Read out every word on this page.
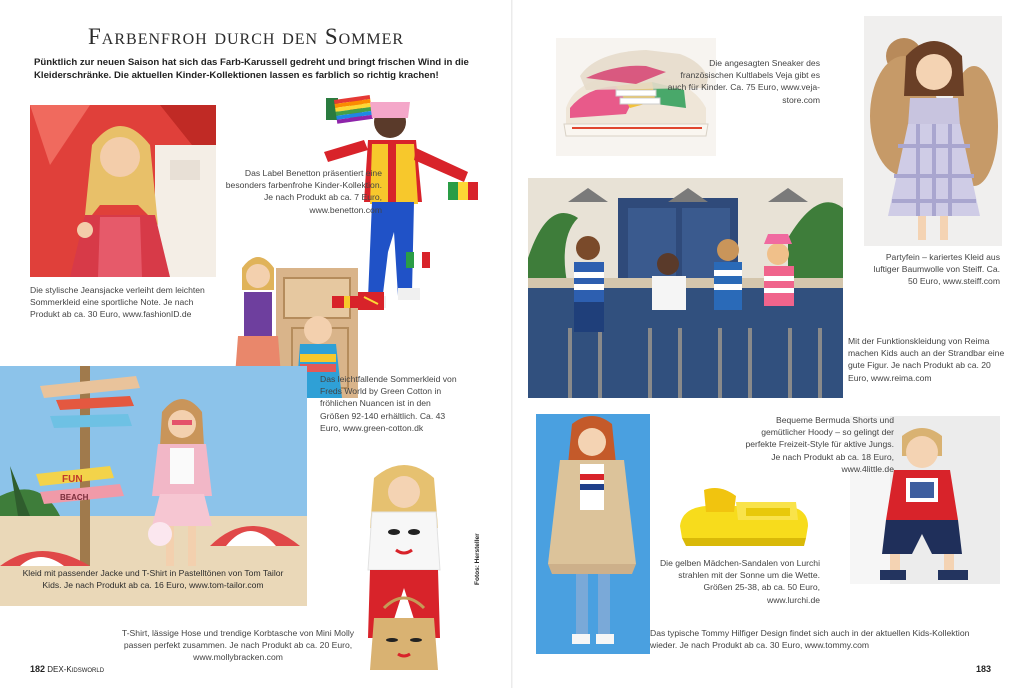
Farbenfroh durch den Sommer
Pünktlich zur neuen Saison hat sich das Farb-Karussell gedreht und bringt frischen Wind in die Kleiderschränke. Die aktuellen Kinder-Kollektionen lassen es farblich so richtig krachen!
Die stylische Jeansjacke verleiht dem leichten Sommerkleid eine sportliche Note. Je nach Produkt ab ca. 30 Euro, www.fashionID.de
Das Label Benetton präsentiert eine besonders farbenfrohe Kinder-Kollektion. Je nach Produkt ab ca. 7 Euro, www.benetton.com
Das leichtfallende Sommerkleid von Freds World by Green Cotton in fröhlichen Nuancen ist in den Größen 92-140 erhältlich. Ca. 43 Euro, www.green-cotton.dk
FUN
BEACH
Kleid mit passender Jacke und T-Shirt in Pastelltönen von Tom Tailor Kids. Je nach Produkt ab ca. 16 Euro, www.tom-tailor.com
T-Shirt, lässige Hose und trendige Korbtasche von Mini Molly passen perfekt zusammen. Je nach Produkt ab ca. 20 Euro, www.mollybracken.com
Fotos: Hersteller
182 DEX-Kidsworld
Die angesagten Sneaker des französischen Kultlabels Veja gibt es auch für Kinder. Ca. 75 Euro, www.veja-store.com
Partyfein – kariertes Kleid aus luftiger Baumwolle von Steiff. Ca. 50 Euro, www.steiff.com
Mit der Funktionskleidung von Reima machen Kids auch an der Strandbar eine gute Figur. Je nach Produkt ab ca. 20 Euro, www.reima.com
Die gelben Mädchen-Sandalen von Lurchi strahlen mit der Sonne um die Wette. Größen 25-38, ab ca. 50 Euro, www.lurchi.de
Bequeme Bermuda Shorts und gemütlicher Hoody – so gelingt der perfekte Freizeit-Style für aktive Jungs. Je nach Produkt ab ca. 18 Euro, www.4little.de
Das typische Tommy Hilfiger Design findet sich auch in der aktuellen Kids-Kollektion wieder. Je nach Produkt ab ca. 30 Euro, www.tommy.com
183
